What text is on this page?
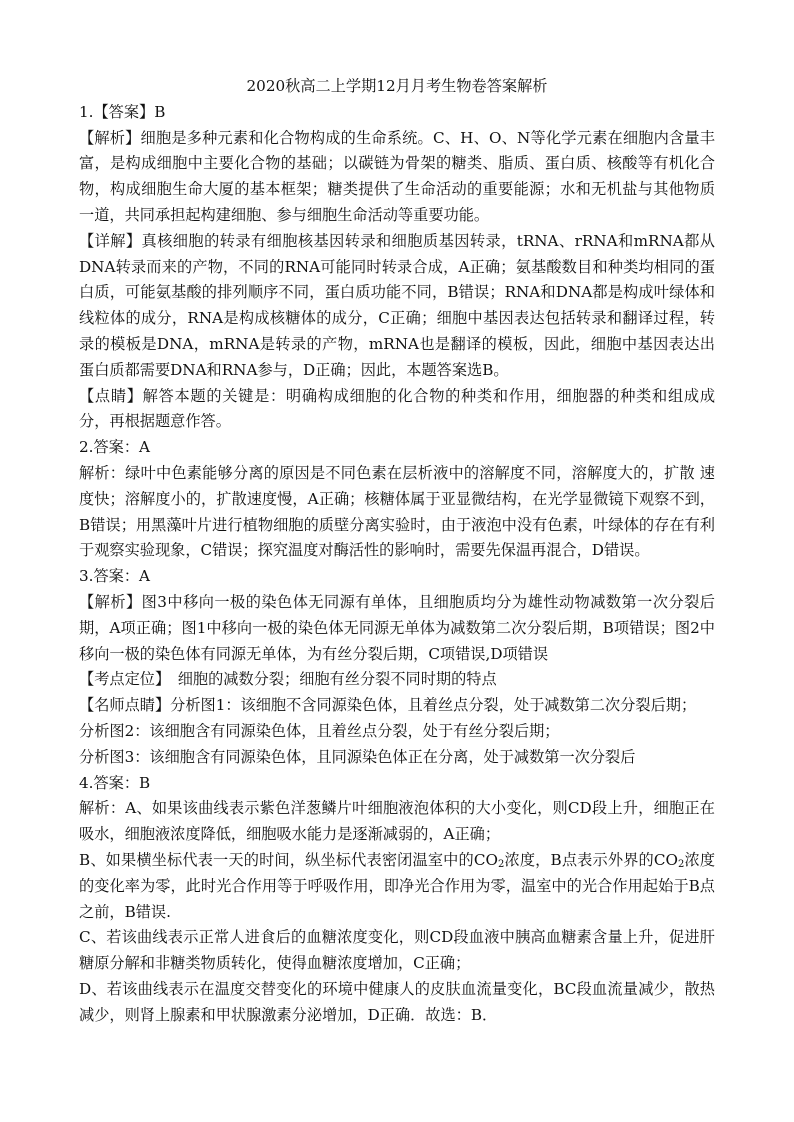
2020秋高二上学期12月月考生物卷答案解析
1.【答案】B
【解析】细胞是多种元素和化合物构成的生命系统。C、H、O、N等化学元素在细胞内含量丰富，是构成细胞中主要化合物的基础；以碳链为骨架的糖类、脂质、蛋白质、核酸等有机化合物，构成细胞生命大厦的基本框架；糖类提供了生命活动的重要能源；水和无机盐与其他物质一道，共同承担起构建细胞、参与细胞生命活动等重要功能。
【详解】真核细胞的转录有细胞核基因转录和细胞质基因转录，tRNA、rRNA和mRNA都从DNA转录而来的产物，不同的RNA可能同时转录合成，A正确；氨基酸数目和种类均相同的蛋白质，可能氨基酸的排列顺序不同，蛋白质功能不同，B错误；RNA和DNA都是构成叶绿体和线粒体的成分，RNA是构成核糖体的成分，C正确；细胞中基因表达包括转录和翻译过程，转录的模板是DNA，mRNA是转录的产物，mRNA也是翻译的模板，因此，细胞中基因表达出蛋白质都需要DNA和RNA参与，D正确；因此，本题答案选B。
【点睛】解答本题的关键是：明确构成细胞的化合物的种类和作用，细胞器的种类和组成成分，再根据题意作答。
2.答案：A
解析：绿叶中色素能够分离的原因是不同色素在层析液中的溶解度不同，溶解度大的，扩散 速度快；溶解度小的，扩散速度慢，A正确；核糖体属于亚显微结构，在光学显微镜下观察不到，B错误；用黑藻叶片进行植物细胞的质壁分离实验时，由于液泡中没有色素，叶绿体的存在有利于观察实验现象，C错误；探究温度对酶活性的影响时，需要先保温再混合，D错误。
3.答案：A
【解析】图3中移向一极的染色体无同源有单体，且细胞质均分为雄性动物减数第一次分裂后期，A项正确；图1中移向一极的染色体无同源无单体为减数第二次分裂后期，B项错误；图2中移向一极的染色体有同源无单体，为有丝分裂后期，C项错误,D项错误
【考点定位】　细胞的减数分裂；细胞有丝分裂不同时期的特点
【名师点睛】分析图1：该细胞不含同源染色体，且着丝点分裂，处于减数第二次分裂后期；
分析图2：该细胞含有同源染色体，且着丝点分裂，处于有丝分裂后期；
分析图3：该细胞含有同源染色体，且同源染色体正在分离，处于减数第一次分裂后
4.答案：B
解析：A、如果该曲线表示紫色洋葱鳞片叶细胞液泡体积的大小变化，则CD段上升，细胞正在吸水，细胞液浓度降低，细胞吸水能力是逐渐减弱的，A正确；
B、如果横坐标代表一天的时间，纵坐标代表密闭温室中的$CO_2$浓度，B点表示外界的$CO_2$浓度的变化率为零，此时光合作用等于呼吸作用，即净光合作用为零，温室中的光合作用起始于B点之前，B错误.
C、若该曲线表示正常人进食后的血糖浓度变化，则CD段血液中胰高血糖素含量上升，促进肝糖原分解和非糖类物质转化，使得血糖浓度增加，C正确；
D、若该曲线表示在温度交替变化的环境中健康人的皮肤血流量变化，BC段血流量减少，散热减少，则肾上腺素和甲状腺激素分泌增加，D正确．故选：B．
